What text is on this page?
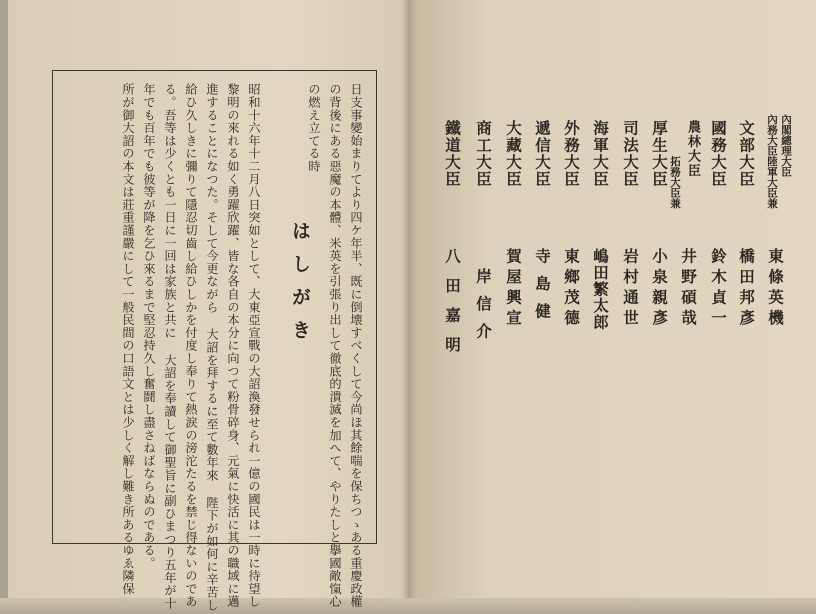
はしがき	日支事變始まりてより四ケ年半、既に倒壊すべくして今尚ほ其餘喘を保ちつゝある重慶政權
の背後にある惡魔の本體、米英を引張り出して徹底的潰滅を加へて、やりたしと擧國敵愾心
の燃え立てる時
昭和十六年十二月八日突如として、大東亞宣戰の大詔渙發せられ一億の國民は一時に待望し
黎明の來れる如く勇躍欣躍、皆な各自の本分に向つて粉骨碎身、元氣に快活に其の職域に邁
進することになつた。そして今更ながら 大詔を拜するに至て數年來 陛下が如何に辛苦し
給ひ久しきに彌りて隱忍切齒し給ひしかを付度し奉りて熱涙の滂沱たるを禁じ得ないのであ
る。吾等は少くとも一日に一回は家族と共に 大詔を奉讀して御聖旨に副ひまつり五年が十
年でも百年でも彼等が降を乞ひ來るまで堅忍持久し奮鬪し盡さねばならぬのである。
所が御大詔の本文は莊重謹嚴にして一般民間の口語文とは少しく解し難き所あるゆゑ隣保	內閣總理大臣
內務大臣陸軍大臣兼
東條英機
文部大臣
橋田邦彥
國務大臣
鈴木貞一
農林大臣
拓務大臣兼
井野碩哉
厚生大臣
小泉親彥
司法大臣
岩村通世
海軍大臣
嶋田繁太郎
外務大臣
東鄉茂德
遞信大臣
寺島健
大藏大臣
賀屋興宣
商工大臣
岸信介
鐵道大臣
八田嘉明
